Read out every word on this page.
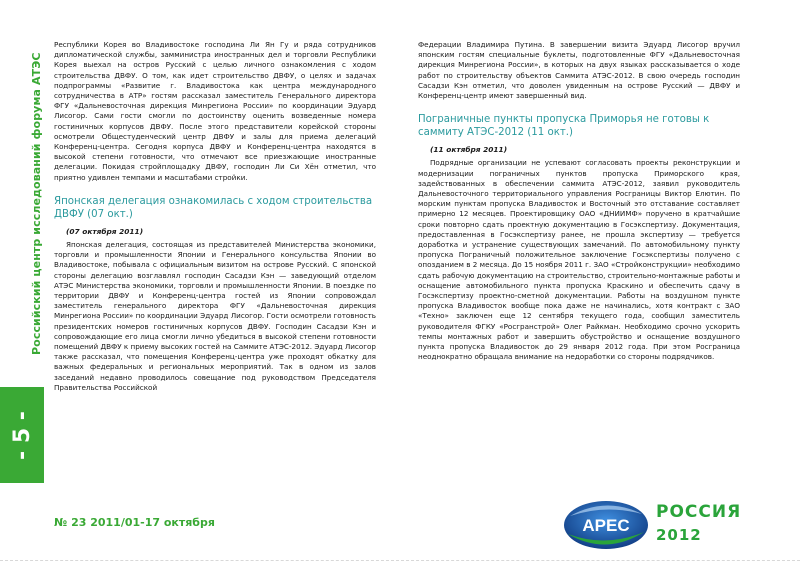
Российский центр исследований форума АТЭС
- 5 -

Республики Корея во Владивостоке господина Ли Ян Гу и ряда сотрудников дипломатической службы, замминистра иностранных дел и торговли Республики Корея выехал на остров Русский с целью личного ознакомления с ходом строительства ДВФУ. О том, как идет строительство ДВФУ, о целях и задачах подпрограммы «Развитие г. Владивостока как центра международного сотрудничества в АТР» гостям рассказал заместитель Генерального директора ФГУ «Дальневосточная дирекция Минрегиона России» по координации Эдуард Лисогор. Сами гости смогли по достоинству оценить возведенные номера гостиничных корпусов ДВФУ. После этого представители корейской стороны осмотрели Общестуденческий центр ДВФУ и залы для приема делегаций Конференц-центра. Сегодня корпуса ДВФУ и Конференц-центра находятся в высокой степени готовности, что отмечают все приезжающие иностранные делегации. Покидая стройплощадку ДВФУ, господин Ли Си Хён отметил, что приятно удивлен темпами и масштабами стройки.

Японская делегация ознакомилась с ходом строительства ДВФУ (07 окт.)
(07 октября 2011)

Японская делегация, состоящая из представителей Министерства экономики, торговли и промышленности Японии и Генерального консульства Японии во Владивостоке, побывала с официальным визитом на острове Русский. С японской стороны делегацию возглавлял господин Сасадзи Кэн — заведующий отделом АТЭС Министерства экономики, торговли и промышленности Японии. В поездке по территории ДВФУ и Конференц-центра гостей из Японии сопровождал заместитель генерального директора ФГУ «Дальневосточная дирекция Минрегиона России» по координации Эдуард Лисогор. Гости осмотрели готовность президентских номеров гостиничных корпусов ДВФУ. Господин Сасадзи Кэн и сопровождающие его лица смогли лично убедиться в высокой степени готовности помещений ДВФУ к приему высоких гостей на Саммите АТЭС-2012. Эдуард Лисогор также рассказал, что помещения Конференц-центра уже проходят обкатку для важных федеральных и региональных мероприятий. Так в одном из залов заседаний недавно проводилось совещание под руководством Председателя Правительства Российской

Федерации Владимира Путина. В завершении визита Эдуард Лисогор вручил японским гостям специальные буклеты, подготовленные ФГУ «Дальневосточная дирекция Минрегиона России», в которых на двух языках рассказывается о ходе работ по строительству объектов Саммита АТЭС-2012. В свою очередь господин Сасадзи Кэн отметил, что доволен увиденным на острове Русский — ДВФУ и Конференц-центр имеют завершенный вид.

Пограничные пункты пропуска Приморья не готовы к саммиту АТЭС-2012 (11 окт.)
(11 октября 2011)

Подрядные организации не успевают согласовать проекты реконструкции и модернизации пограничных пунктов пропуска Приморского края, задействованных в обеспечении саммита АТЭС-2012, заявил руководитель Дальневосточного территориального управления Росграницы Виктор Елютин. По морским пунктам пропуска Владивосток и Восточный это отставание составляет примерно 12 месяцев. Проектировщику ОАО «ДНИИМФ» поручено в кратчайшие сроки повторно сдать проектную документацию в Госэкспертизу. Документация, предоставленная в Госэкспертизу ранее, не прошла экспертизу — требуется доработка и устранение существующих замечаний. По автомобильному пункту пропуска Пограничный положительное заключение Госэкспертизы получено с опозданием в 2 месяца. До 15 ноября 2011 г. ЗАО «Стройконструкции» необходимо сдать рабочую документацию на строительство, строительно-монтажные работы и оснащение автомобильного пункта пропуска Краскино и обеспечить сдачу в Госэкспертизу проектно-сметной документации. Работы на воздушном пункте пропуска Владивосток вообще пока даже не начинались, хотя контракт с ЗАО «Техно» заключен еще 12 сентября текущего года, сообщил заместитель руководителя ФГКУ «Росгранстрой» Олег Райкман. Необходимо срочно ускорить темпы монтажных работ и завершить обустройство и оснащение воздушного пункта пропуска Владивосток до 29 января 2012 года. При этом Росграница неоднократно обращала внимание на недоработки со стороны подрядчиков.

№ 23 2011/01-17 октября	APEC
РОССИЯ
2012
